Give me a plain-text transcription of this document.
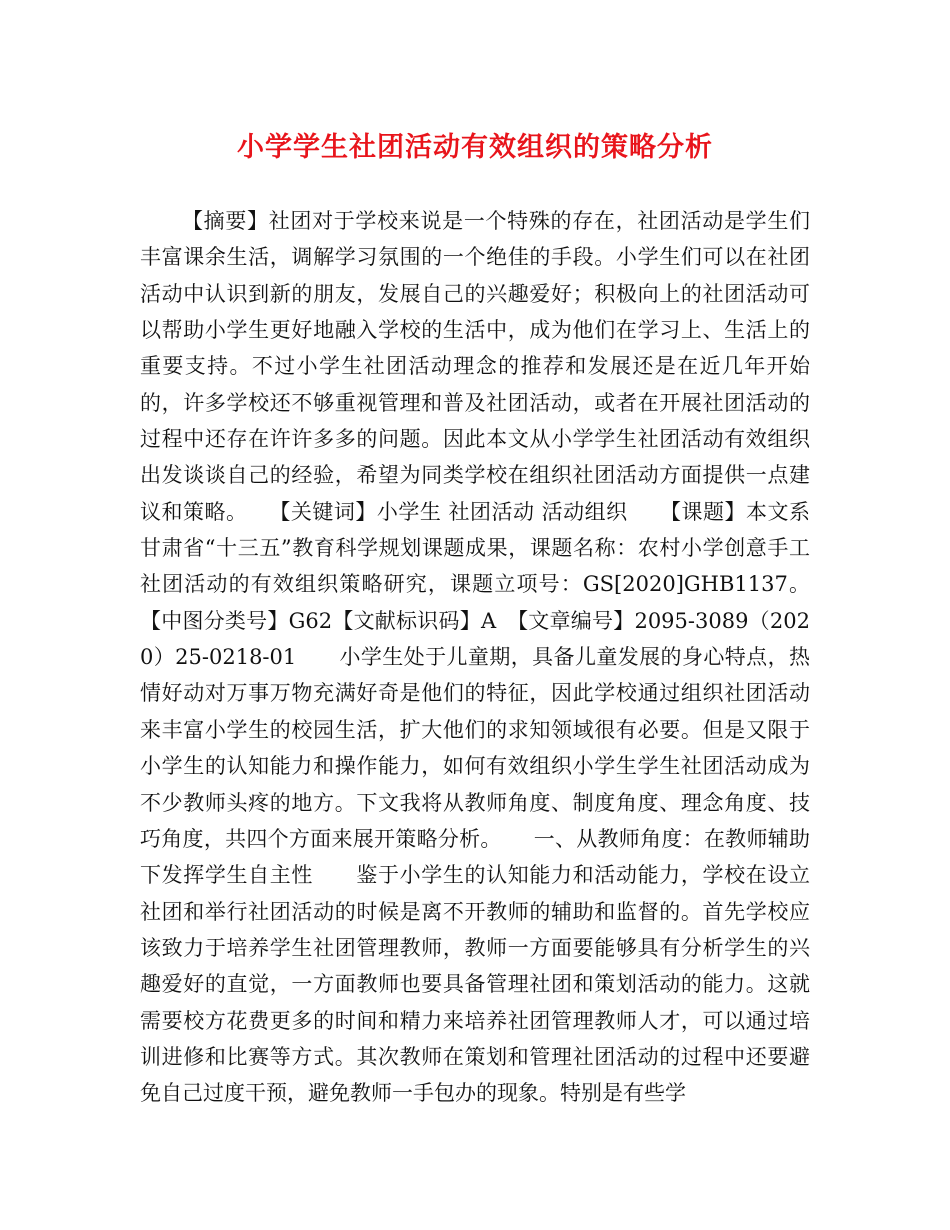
小学学生社团活动有效组织的策略分析

【摘要】社团对于学校来说是一个特殊的存在，社团活动是学生们丰富课余生活，调解学习氛围的一个绝佳的手段。小学生们可以在社团活动中认识到新的朋友，发展自己的兴趣爱好；积极向上的社团活动可以帮助小学生更好地融入学校的生活中，成为他们在学习上、生活上的重要支持。不过小学生社团活动理念的推荐和发展还是在近几年开始的，许多学校还不够重视管理和普及社团活动，或者在开展社团活动的过程中还存在许许多多的问题。因此本文从小学学生社团活动有效组织出发谈谈自己的经验，希望为同类学校在组织社团活动方面提供一点建议和策略。　　【关键词】小学生 社团活动 活动组织　　【课题】本文系甘肃省“十三五”教育科学规划课题成果，课题名称：农村小学创意手工社团活动的有效组织策略研究，课题立项号：GS[2020]GHB1137。【中图分类号】G62【文献标识码】A　【文章编号】2095-3089（2020）25-0218-01　　小学生处于儿童期，具备儿童发展的身心特点，热情好动对万事万物充满好奇是他们的特征，因此学校通过组织社团活动来丰富小学生的校园生活，扩大他们的求知领域很有必要。但是又限于小学生的认知能力和操作能力，如何有效组织小学生学生社团活动成为不少教师头疼的地方。下文我将从教师角度、制度角度、理念角度、技巧角度，共四个方面来展开策略分析。　　一、从教师角度：在教师辅助下发挥学生自主性　　鉴于小学生的认知能力和活动能力，学校在设立社团和举行社团活动的时候是离不开教师的辅助和监督的。首先学校应该致力于培养学生社团管理教师，教师一方面要能够具有分析学生的兴趣爱好的直觉，一方面教师也要具备管理社团和策划活动的能力。这就需要校方花费更多的时间和精力来培养社团管理教师人才，可以通过培训进修和比赛等方式。其次教师在策划和管理社团活动的过程中还要避免自己过度干预，避免教师一手包办的现象。特别是有些学
